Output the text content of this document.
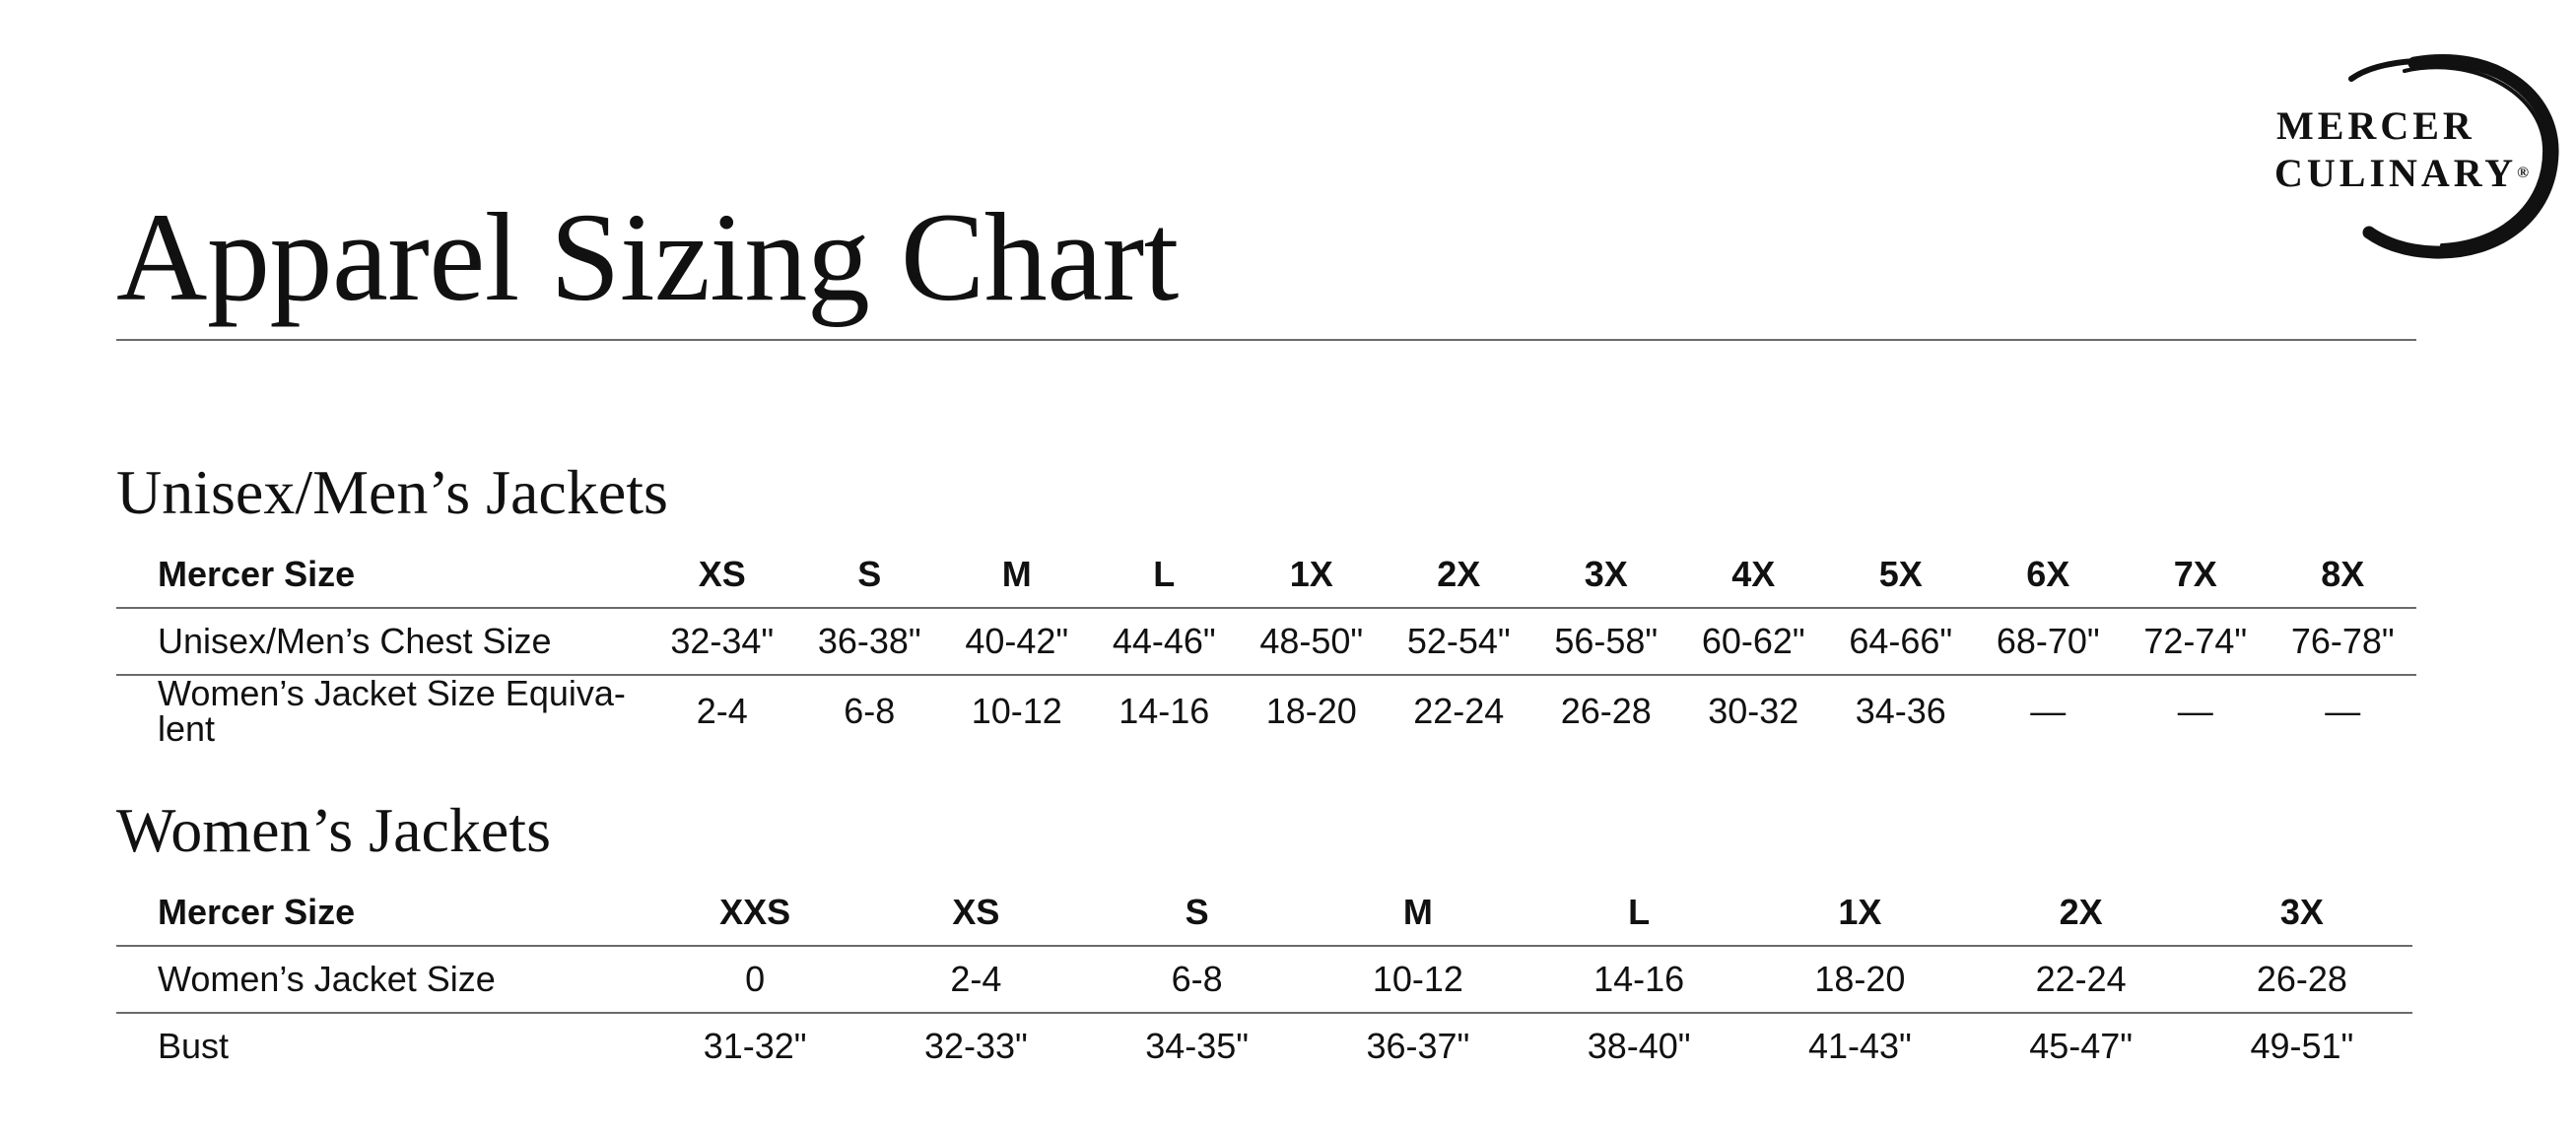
MERCER
CULINARY®
Apparel Sizing Chart
Unisex/Men’s Jackets
Mercer Size	XS	S	M	L	1X	2X	3X	4X	5X	6X	7X	8X
Unisex/Men’s Chest Size	32-34"	36-38"	40-42"	44-46"	48-50"	52-54"	56-58"	60-62"	64-66"	68-70"	72-74"	76-78"
Women’s Jacket Size Equiva-lent	2-4	6-8	10-12	14-16	18-20	22-24	26-28	30-32	34-36	—	—	—
Women’s Jackets
Mercer Size	XXS	XS	S	M	L	1X	2X	3X
Women’s Jacket Size	0	2-4	6-8	10-12	14-16	18-20	22-24	26-28
Bust	31-32"	32-33"	34-35"	36-37"	38-40"	41-43"	45-47"	49-51"
